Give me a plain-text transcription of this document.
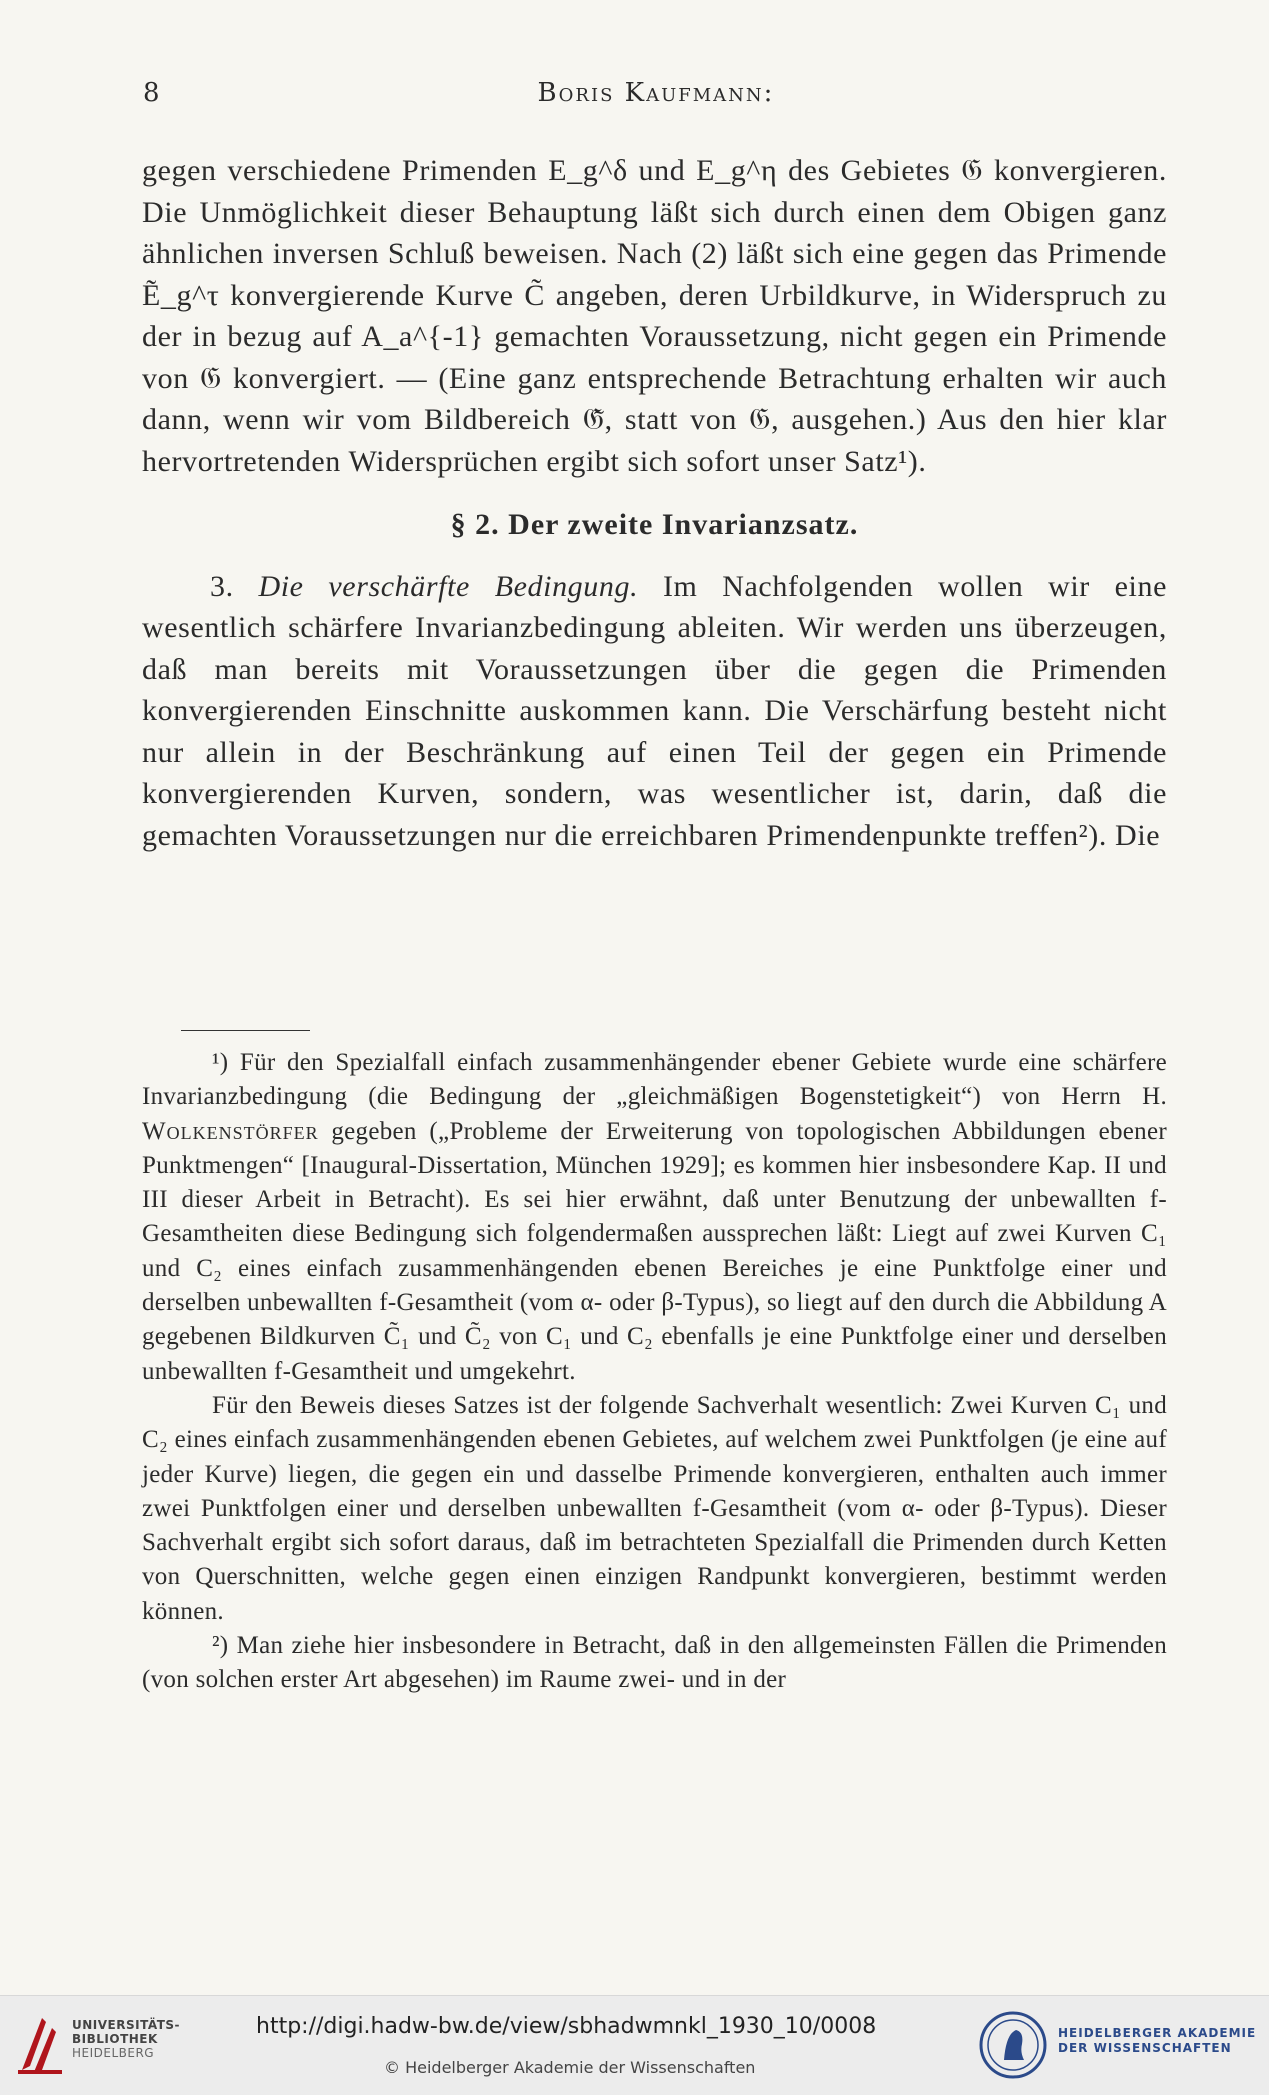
8	Boris Kaufmann:

gegen verschiedene Primenden E_g^δ und E_g^η des Gebietes 𝔊 konvergieren. Die Unmöglichkeit dieser Behauptung läßt sich durch einen dem Obigen ganz ähnlichen inversen Schluß beweisen. Nach (2) läßt sich eine gegen das Primende Ẽ_g^τ konvergierende Kurve C̃ angeben, deren Urbildkurve, in Widerspruch zu der in bezug auf A_a^{-1} gemachten Voraussetzung, nicht gegen ein Primende von 𝔊 konvergiert. — (Eine ganz entsprechende Betrachtung erhalten wir auch dann, wenn wir vom Bildbereich 𝔊̃, statt von 𝔊, ausgehen.) Aus den hier klar hervortretenden Widersprüchen ergibt sich sofort unser Satz¹).

§ 2. Der zweite Invarianzsatz.

3. Die verschärfte Bedingung. Im Nachfolgenden wollen wir eine wesentlich schärfere Invarianzbedingung ableiten. Wir werden uns überzeugen, daß man bereits mit Voraussetzungen über die gegen die Primenden konvergierenden Einschnitte auskommen kann. Die Verschärfung besteht nicht nur allein in der Beschränkung auf einen Teil der gegen ein Primende konvergierenden Kurven, sondern, was wesentlicher ist, darin, daß die gemachten Voraussetzungen nur die erreichbaren Primendenpunkte treffen²). Die

¹) Für den Spezialfall einfach zusammenhängender ebener Gebiete wurde eine schärfere Invarianzbedingung (die Bedingung der „gleichmäßigen Bogenstetigkeit“) von Herrn H. Wolkenstörfer gegeben („Probleme der Erweiterung von topologischen Abbildungen ebener Punktmengen“ [Inaugural-Dissertation, München 1929]; es kommen hier insbesondere Kap. II und III dieser Arbeit in Betracht). Es sei hier erwähnt, daß unter Benutzung der unbewallten f-Gesamtheiten diese Bedingung sich folgendermaßen aussprechen läßt: Liegt auf zwei Kurven C₁ und C₂ eines einfach zusammenhängenden ebenen Bereiches je eine Punktfolge einer und derselben unbewallten f-Gesamtheit (vom α- oder β-Typus), so liegt auf den durch die Abbildung A gegebenen Bildkurven C̃₁ und C̃₂ von C₁ und C₂ ebenfalls je eine Punktfolge einer und derselben unbewallten f-Gesamtheit und umgekehrt.

Für den Beweis dieses Satzes ist der folgende Sachverhalt wesentlich: Zwei Kurven C₁ und C₂ eines einfach zusammenhängenden ebenen Gebietes, auf welchem zwei Punktfolgen (je eine auf jeder Kurve) liegen, die gegen ein und dasselbe Primende konvergieren, enthalten auch immer zwei Punktfolgen einer und derselben unbewallten f-Gesamtheit (vom α- oder β-Typus). Dieser Sachverhalt ergibt sich sofort daraus, daß im betrachteten Spezialfall die Primenden durch Ketten von Querschnitten, welche gegen einen einzigen Randpunkt konvergieren, bestimmt werden können.

²) Man ziehe hier insbesondere in Betracht, daß in den allgemeinsten Fällen die Primenden (von solchen erster Art abgesehen) im Raume zwei- und in der

UNIVERSITÄTS-
BIBLIOTHEK
HEIDELBERG
http://digi.hadw-bw.de/view/sbhadwmnkl_1930_10/0008
© Heidelberger Akademie der Wissenschaften
HEIDELBERGER AKADEMIE
DER WISSENSCHAFTEN
